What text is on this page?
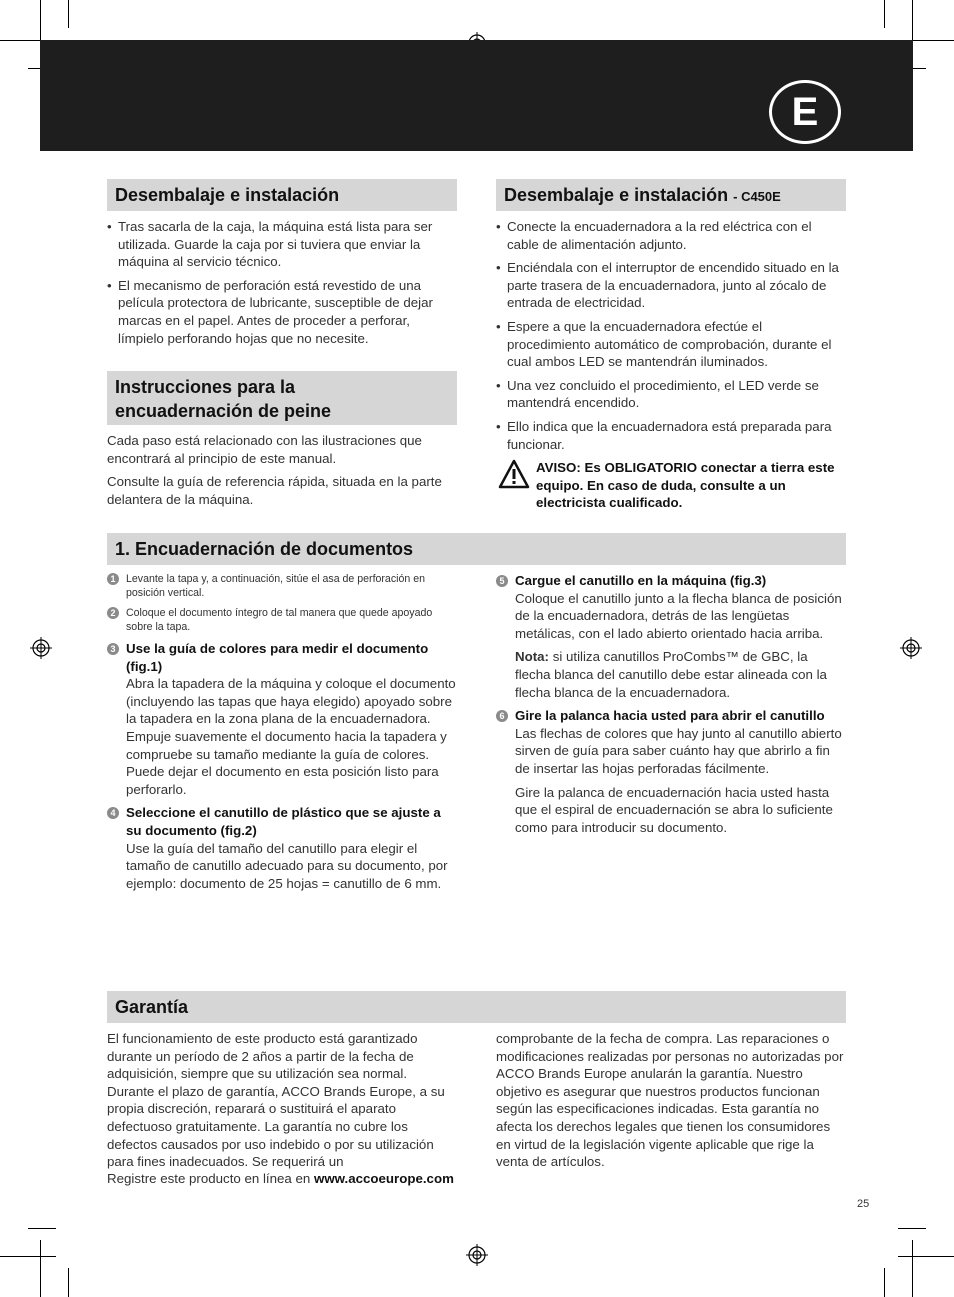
E
Desembalaje e instalación
• Tras sacarla de la caja, la máquina está lista para ser utilizada. Guarde la caja por si tuviera que enviar la máquina al servicio técnico.
• El mecanismo de perforación está revestido de una película protectora de lubricante, susceptible de dejar marcas en el papel. Antes de proceder a perforar, límpielo perforando hojas que no necesite.
Instrucciones para la
encuadernación de peine

Cada paso está relacionado con las ilustraciones que encontrará al principio de este manual.

Consulte la guía de referencia rápida, situada en la parte delantera de la máquina.

Desembalaje e instalación - C450E
• Conecte la encuadernadora a la red eléctrica con el cable de alimentación adjunto.
• Enciéndala con el interruptor de encendido situado en la parte trasera de la encuadernadora, junto al zócalo de entrada de electricidad.
• Espere a que la encuadernadora efectúe el procedimiento automático de comprobación, durante el cual ambos LED se mantendrán iluminados.
• Una vez concluido el procedimiento, el LED verde se mantendrá encendido.
• Ello indica que la encuadernadora está preparada para funcionar.
AVISO: Es OBLIGATORIO conectar a tierra este equipo. En caso de duda, consulte a un electricista cualificado.
1. Encuadernación de documentos
1 Levante la tapa y, a continuación, sitúe el asa de perforación en posición vertical.
2 Coloque el documento íntegro de tal manera que quede apoyado sobre la tapa.
3 Use la guía de colores para medir el documento (fig.1)
Abra la tapadera de la máquina y coloque el documento (incluyendo las tapas que haya elegido) apoyado sobre la tapadera en la zona plana de la encuadernadora. Empuje suavemente el documento hacia la tapadera y compruebe su tamaño mediante la guía de colores. Puede dejar el documento en esta posición listo para perforarlo.
4 Seleccione el canutillo de plástico que se ajuste a su documento (fig.2)
Use la guía del tamaño del canutillo para elegir el tamaño de canutillo adecuado para su documento, por ejemplo: documento de 25 hojas = canutillo de 6 mm.
5 Cargue el canutillo en la máquina (fig.3)
Coloque el canutillo junto a la flecha blanca de posición de la encuadernadora, detrás de las lengüetas metálicas, con el lado abierto orientado hacia arriba.

Nota: si utiliza canutillos ProCombs™ de GBC, la flecha blanca del canutillo debe estar alineada con la flecha blanca de la encuadernadora.

6 Gire la palanca hacia usted para abrir el canutillo
Las flechas de colores que hay junto al canutillo abierto sirven de guía para saber cuánto hay que abrirlo a fin de insertar las hojas perforadas fácilmente.

Gire la palanca de encuadernación hacia usted hasta que el espiral de encuadernación se abra lo suficiente como para introducir su documento.

Garantía

El funcionamiento de este producto está garantizado durante un período de 2 años a partir de la fecha de adquisición, siempre que su utilización sea normal. Durante el plazo de garantía, ACCO Brands Europe, a su propia discreción, reparará o sustituirá el aparato defectuoso gratuitamente. La garantía no cubre los defectos causados por uso indebido o por su utilización para fines inadecuados. Se requerirá un

comprobante de la fecha de compra. Las reparaciones o modificaciones realizadas por personas no autorizadas por ACCO Brands Europe anularán la garantía. Nuestro objetivo es asegurar que nuestros productos funcionan según las especificaciones indicadas. Esta garantía no afecta los derechos legales que tienen los consumidores en virtud de la legislación vigente aplicable que rige la venta de artículos.

Registre este producto en línea en www.accoeurope.com
25
